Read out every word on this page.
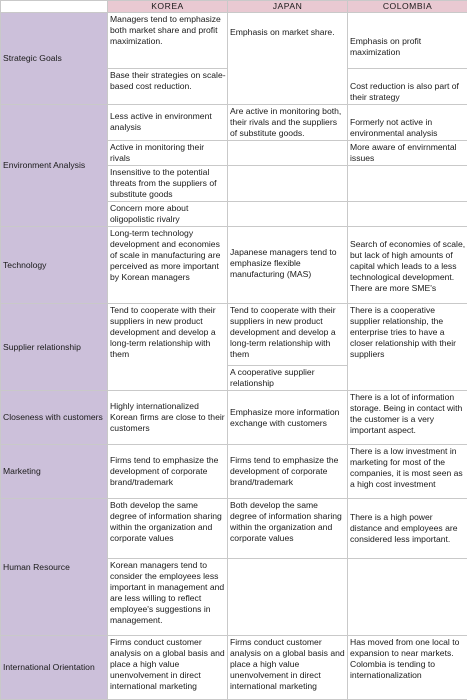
	KOREA	JAPAN	COLOMBIA
Strategic Goals	Managers tend to emphasize both market share and profit maximization.	Emphasis on market share.	Emphasis on profit maximization
	Base their strategies on scale-based cost reduction.		Cost reduction is also part of their strategy
Environment Analysis	Less active in environment analysis	Are active in monitoring both, their rivals and the suppliers of substitute goods.	Formerly not active in environmental analysis
	Active in monitoring their rivals		More aware of envirnmental issues
	Insensitive to the potential threats from the suppliers of substitute goods		
	Concern more about oligopolistic rivalry		
Technology	Long-term technology development and economies of scale in manufacturing are perceived as more important by Korean managers	Japanese managers tend to emphasize flexible manufacturing (MAS)	Search of economies of scale, but lack of high amounts of capital which leads to a less technological development. There are more SME's
Supplier relationship	Tend to cooperate with their suppliers in new product development and develop a long-term relationship with them	Tend to cooperate with their suppliers in new product development and develop a long-term relationship with them	There is a cooperative supplier relationship, the enterprise tries to have a closer relationship with their suppliers
		A cooperative supplier relationship	
Closeness with customers	Highly internationalized Korean firms are close to their customers	Emphasize more information exchange with customers	There is a lot of information storage. Being in contact with the customer is a very important aspect.
Marketing	Firms tend to emphasize the development of corporate brand/trademark	Firms tend to emphasize the development of corporate brand/trademark	There is a low investment in marketing for most of the companies, it is most seen as a high cost investment
Human Resource	Both develop the same degree of information sharing within the organization and corporate values	Both develop the same degree of information sharing within the organization and corporate values	There is a high power distance and employees are considered less important.
	Korean managers tend to consider the employees less important in management and are less willing to reflect employee's suggestions in management.		
International Orientation	Firms conduct customer analysis on a global basis and place a high value unenvolvement in direct international marketing	Firms conduct customer analysis on a global basis and place a high value unenvolvement in direct international marketing	Has moved from one local to expansion to near markets. Colombia is tending to internationalization
